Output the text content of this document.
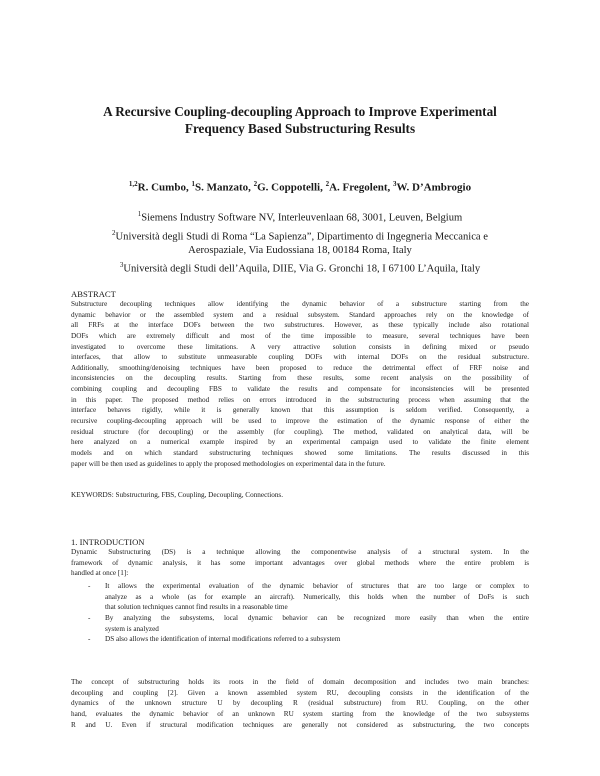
A Recursive Coupling-decoupling Approach to Improve Experimental
Frequency Based Substructuring Results
$^{1,2}$R. Cumbo, $^1$S. Manzato, $^2$G. Coppotelli, $^2$A. Fregolent, $^3$W. D’Ambrogio
$^1$Siemens Industry Software NV, Interleuvenlaan 68, 3001, Leuven, Belgium
$^2$Università degli Studi di Roma “La Sapienza”, Dipartimento di Ingegneria Meccanica e
Aerospaziale, Via Eudossiana 18, 00184 Roma, Italy
$^3$Università degli Studi dell’Aquila, DIIE, Via G. Gronchi 18, I 67100 L’Aquila, Italy
ABSTRACT
Substructure decoupling techniques allow identifying the dynamic behavior of a substructure starting from the
dynamic behavior or the assembled system and a residual subsystem. Standard approaches rely on the knowledge of
all FRFs at the interface DOFs between the two substructures. However, as these typically include also rotational
DOFs which are extremely difficult and most of the time impossible to measure, several techniques have been
investigated to overcome these limitations. A very attractive solution consists in defining mixed or pseudo
interfaces, that allow to substitute unmeasurable coupling DOFs with internal DOFs on the residual substructure.
Additionally, smoothing/denoising techniques have been proposed to reduce the detrimental effect of FRF noise and
inconsistencies on the decoupling results. Starting from these results, some recent analysis on the possibility of
combining coupling and decoupling FBS to validate the results and compensate for inconsistencies will be presented
in this paper. The proposed method relies on errors introduced in the substructuring process when assuming that the
interface behaves rigidly, while it is generally known that this assumption is seldom verified. Consequently, a
recursive coupling-decoupling approach will be used to improve the estimation of the dynamic response of either the
residual structure (for decoupling) or the assembly (for coupling). The method, validated on analytical data, will be
here analyzed on a numerical example inspired by an experimental campaign used to validate the finite element
models and on which standard substructuring techniques showed some limitations. The results discussed in this
paper will be then used as guidelines to apply the proposed methodologies on experimental data in the future.
KEYWORDS: Substructuring, FBS, Coupling, Decoupling, Connections.
1. INTRODUCTION
Dynamic Substructuring (DS) is a technique allowing the componentwise analysis of a structural system. In the
framework of dynamic analysis, it has some important advantages over global methods where the entire problem is
handled at once [1]:
- It allows the experimental evaluation of the dynamic behavior of structures that are too large or complex to
analyze as a whole (as for example an aircraft). Numerically, this holds when the number of DoFs is such
that solution techniques cannot find results in a reasonable time
- By analyzing the subsystems, local dynamic behavior can be recognized more easily than when the entire
system is analyzed
- DS also allows the identification of internal modifications referred to a subsystem
The concept of substructuring holds its roots in the field of domain decomposition and includes two main branches:
decoupling and coupling [2]. Given a known assembled system RU, decoupling consists in the identification of the
dynamics of the unknown structure U by decoupling R (residual substructure) from RU. Coupling, on the other
hand, evaluates the dynamic behavior of an unknown RU system starting from the knowledge of the two subsystems
R and U. Even if structural modification techniques are generally not considered as substructuring, the two concepts
